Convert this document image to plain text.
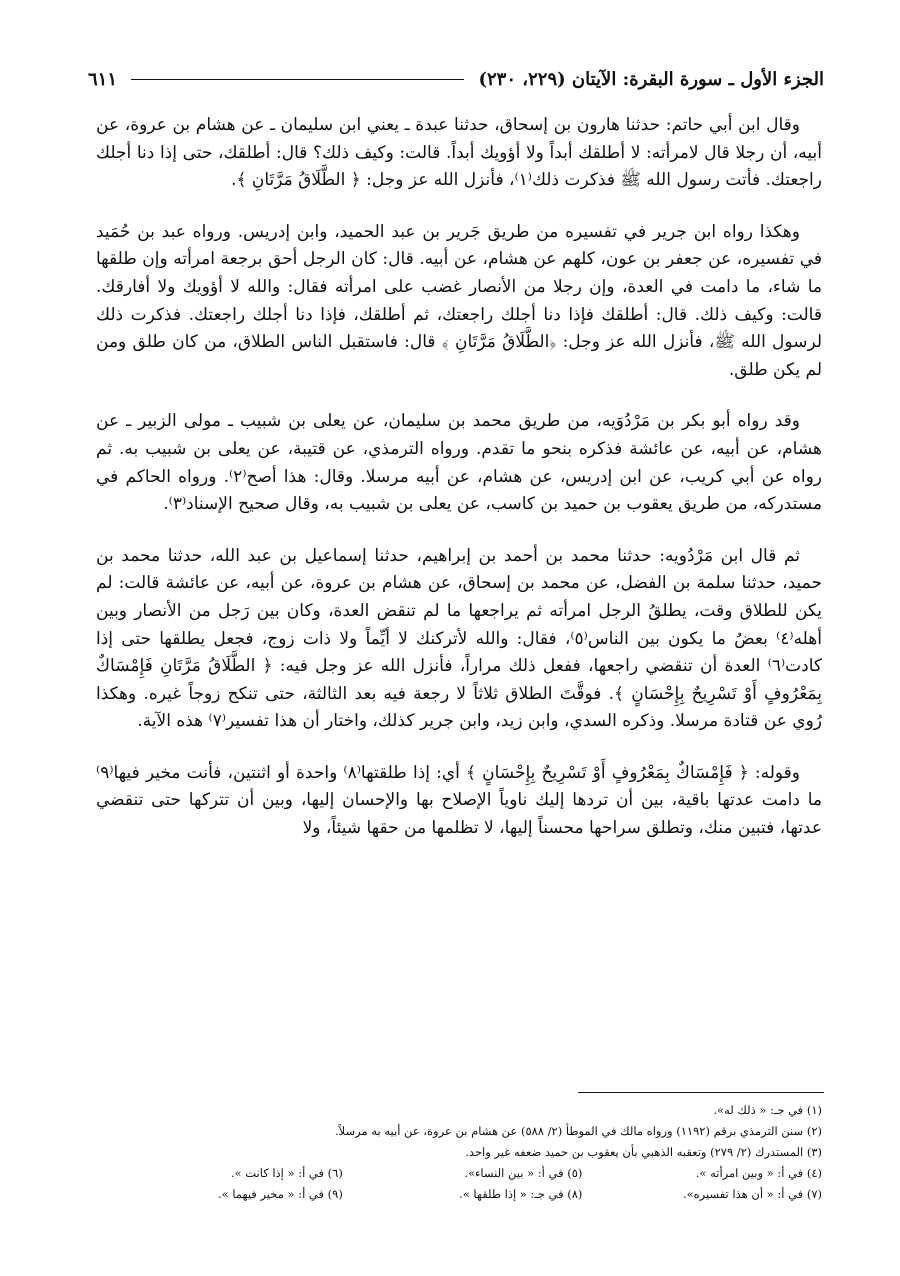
الجزء الأول ـ سورة البقرة: الآيتان (٢٢٩، ٢٣٠)
٦١١

وقال ابن أبي حاتم: حدثنا هارون بن إسحاق، حدثنا عبدة ـ يعني ابن سليمان ـ عن هشام بن عروة، عن أبيه، أن رجلا قال لامرأته: لا أطلقك أبداً ولا أؤويك أبداً. قالت: وكيف ذلك؟ قال: أطلقك، حتى إذا دنا أجلك راجعتك. فأتت رسول الله ﷺ فذكرت ذلك⁽١⁾، فأنزل الله عز وجل: ﴿ الطَّلَاقُ مَرَّتَانِ ﴾.

وهكذا رواه ابن جرير في تفسيره من طريق جَرير بن عبد الحميد، وابن إدريس. ورواه عبد بن حُمَيد في تفسيره، عن جعفر بن عون، كلهم عن هشام، عن أبيه. قال: كان الرجل أحق برجعة امرأته وإن طلقها ما شاء، ما دامت في العدة، وإن رجلا من الأنصار غضب على امرأته فقال: والله لا أؤويك ولا أفارقك. قالت: وكيف ذلك. قال: أطلقك فإذا دنا أجلك راجعتك، ثم أطلقك، فإذا دنا أجلك راجعتك. فذكرت ذلك لرسول الله ﷺ، فأنزل الله عز وجل: ﴿الطَّلَاقُ مَرَّتَانِ ﴾ قال: فاستقبل الناس الطلاق، من كان طلق ومن لم يكن طلق.

وقد رواه أبو بكر بن مَرْدُوَيه، من طريق محمد بن سليمان، عن يعلى بن شبيب ـ مولى الزبير ـ عن هشام، عن أبيه، عن عائشة فذكره بنحو ما تقدم. ورواه الترمذي، عن قتيبة، عن يعلى بن شبيب به. ثم رواه عن أبي كريب، عن ابن إدريس، عن هشام، عن أبيه مرسلا. وقال: هذا أصح⁽٢⁾. ورواه الحاكم في مستدركه، من طريق يعقوب بن حميد بن كاسب، عن يعلى بن شبيب به، وقال صحيح الإسناد⁽٣⁾.

ثم قال ابن مَرْدُويه: حدثنا محمد بن أحمد بن إبراهيم، حدثنا إسماعيل بن عبد الله، حدثنا محمد بن حميد، حدثنا سلمة بن الفضل، عن محمد بن إسحاق، عن هشام بن عروة، عن أبيه، عن عائشة قالت: لم يكن للطلاق وقت، يطلقُ الرجل امرأته ثم يراجعها ما لم تنقض العدة، وكان بين رَجل من الأنصار وبين أهله⁽٤⁾ بعضُ ما يكون بين الناس⁽٥⁾، فقال: والله لأتركنك لا أيِّماً ولا ذات زوج، فجعل يطلقها حتى إذا كادت⁽٦⁾ العدة أن تنقضي راجعها، ففعل ذلك مراراً، فأنزل الله عز وجل فيه: ﴿ الطَّلَاقُ مَرَّتَانِ فَإِمْسَاكٌ بِمَعْرُوفٍ أَوْ تَسْرِيحٌ بِإِحْسَانٍ ﴾. فوقَّتَ الطلاق ثلاثاً لا رجعة فيه بعد الثالثة، حتى تنكح زوجاً غيره. وهكذا رُوي عن قتادة مرسلا. وذكره السدي، وابن زيد، وابن جرير كذلك، واختار أن هذا تفسير⁽٧⁾ هذه الآية.

وقوله: ﴿ فَإِمْسَاكٌ بِمَعْرُوفٍ أَوْ تَسْرِيحٌ بِإِحْسَانٍ ﴾ أي: إذا طلقتها⁽٨⁾ واحدة أو اثنتين، فأنت مخير فيها⁽٩⁾ ما دامت عدتها باقية، بين أن تردها إليك ناوياً الإصلاح بها والإحسان إليها، وبين أن تتركها حتى تنقضي عدتها، فتبين منك، وتطلق سراحها محسناً إليها، لا تظلمها من حقها شيئاً، ولا

(١) في جـ: « ذلك له».
(٢) سنن الترمذي برقم (١١٩٢) ورواه مالك في الموطأ (٢/ ٥٨٨) عن هشام بن عروة، عن أبيه به مرسلاً.
(٣) المستدرك (٢/ ٢٧٩) وتعقبه الذهبي بأن يعقوب بن حميد ضعفه غير واحد.
(٤) في أ: « وبين امرأته ».
(٥) في أ: « بين النساء».
(٦) في أ: « إذا كانت ».
(٧) في أ: « أن هذا تفسيره».
(٨) في جـ: « إذا طلقها ».
(٩) في أ: « مخير فيهما ».
